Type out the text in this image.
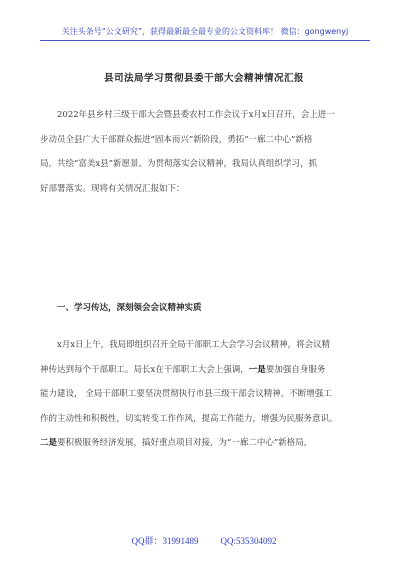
关注头条号“公文研究”，获得最新最全最专业的公文资料库！ 微信：gongwenyj
县司法局学习贯彻县委干部大会精神情况汇报

　　2022年县乡村三级干部大会暨县委农村工作会议于x月x日召开，会上进一
步动员全县广大干部群众振进“固本而兴”新阶段，勇拓“一廊二中心”新格
局，共绘“富美x县”新愿景。为贯彻落实会议精神，我局认真组织学习，抓
好部署落实。现将有关情况汇报如下：

　　一、学习传达，深刻领会会议精神实质

　　x月x日上午，我局即组织召开全局干部职工大会学习会议精神，将会议精
神传达到每个干部职工。局长x在干部职工大会上强调，一是要加强自身服务
能力建设， 全局干部职工要坚决贯彻执行市县三级干部会议精神，不断增强工
作的主动性和积极性，切实转变工作作风，提高工作能力，增强为民服务意识。
二是要积极服务经济发展，搞好重点项目对接，为“一廊二中心”新格局，

QQ群：31991489 QQ:535304092
